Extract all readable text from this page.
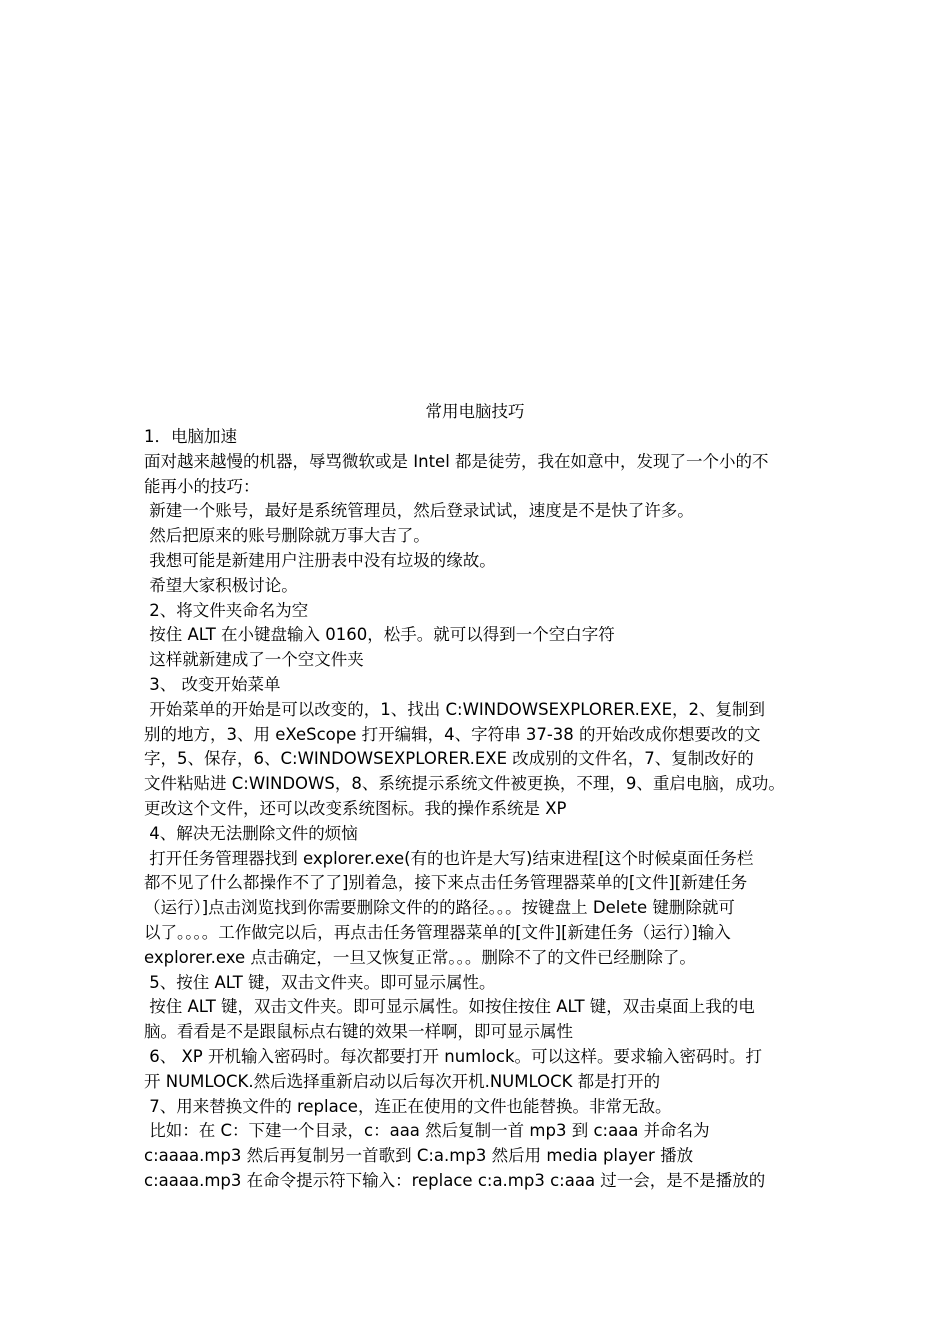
常用电脑技巧
1．电脑加速
面对越来越慢的机器，辱骂微软或是 Intel 都是徒劳，我在如意中，发现了一个小的不
能再小的技巧：
新建一个账号，最好是系统管理员，然后登录试试，速度是不是快了许多。
然后把原来的账号删除就万事大吉了。
我想可能是新建用户注册表中没有垃圾的缘故。
希望大家积极讨论。
2、将文件夹命名为空
按住 ALT 在小键盘输入 0160，松手。就可以得到一个空白字符
这样就新建成了一个空文件夹
3、 改变开始菜单
开始菜单的开始是可以改变的，1、找出 C:WINDOWSEXPLORER.EXE，2、复制到
别的地方，3、用 eXeScope 打开编辑，4、字符串 37-38 的开始改成你想要改的文
字，5、保存，6、C:WINDOWSEXPLORER.EXE 改成别的文件名，7、复制改好的
文件粘贴进 C:WINDOWS，8、系统提示系统文件被更换，不理，9、重启电脑，成功。
更改这个文件，还可以改变系统图标。我的操作系统是 XP
4、解决无法删除文件的烦恼
打开任务管理器找到 explorer.exe(有的也许是大写)结束进程[这个时候桌面任务栏
都不见了什么都操作不了了]别着急，接下来点击任务管理器菜单的[文件][新建任务
（运行）]点击浏览找到你需要删除文件的的路径。。。按键盘上 Delete 键删除就可
以了。。。。工作做完以后，再点击任务管理器菜单的[文件][新建任务（运行）]输入
explorer.exe 点击确定，一旦又恢复正常。。。删除不了的文件已经删除了。
5、按住 ALT 键，双击文件夹。即可显示属性。
按住 ALT 键，双击文件夹。即可显示属性。如按住按住 ALT 键，双击桌面上我的电
脑。看看是不是跟鼠标点右键的效果一样啊，即可显示属性
6、 XP 开机输入密码时。每次都要打开 numlock。可以这样。要求输入密码时。打
开 NUMLOCK.然后选择重新启动以后每次开机.NUMLOCK 都是打开的
7、用来替换文件的 replace，连正在使用的文件也能替换。非常无敌。
比如：在 C：下建一个目录，c：aaa 然后复制一首 mp3 到 c:aaa 并命名为
c:aaaa.mp3 然后再复制另一首歌到 C:a.mp3 然后用 media player 播放
c:aaaa.mp3 在命令提示符下输入：replace c:a.mp3 c:aaa 过一会，是不是播放的
